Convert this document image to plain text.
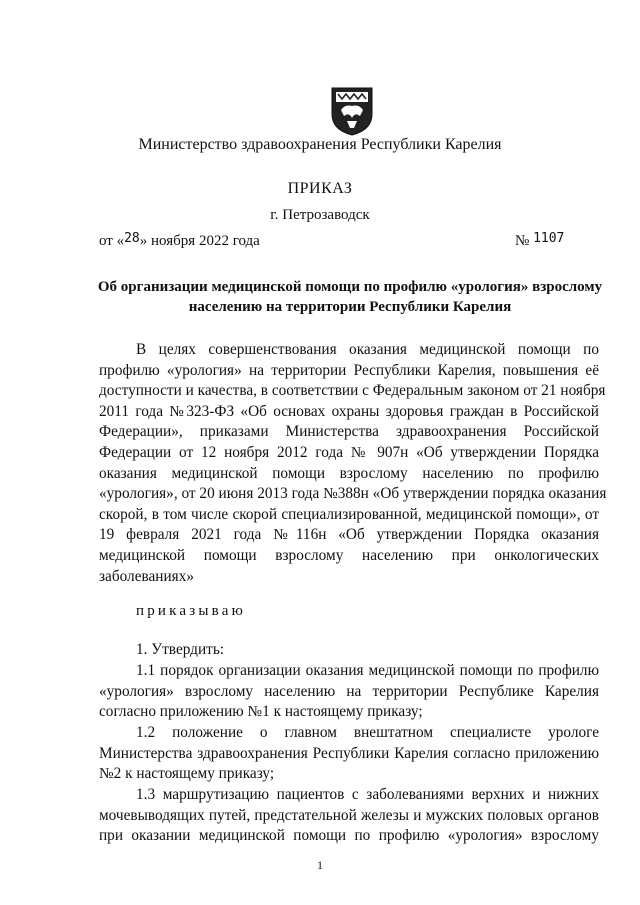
Министерство здравоохранения Республики Карелия
ПРИКАЗ
г. Петрозаводск
от «28» ноября 2022 года	№ 1107
Об организации медицинской помощи по профилю «урология» взрослому
населению на территории Республики Карелия
В целях совершенствования оказания медицинской помощи по
профилю «урология» на территории Республики Карелия, повышения её
доступности и качества, в соответствии с Федеральным законом от 21 ноября
2011 года №323-ФЗ «Об основах охраны здоровья граждан в Российской
Федерации», приказами Министерства здравоохранения Российской
Федерации от 12 ноября 2012 года № 907н «Об утверждении Порядка
оказания медицинской помощи взрослому населению по профилю
«урология», от 20 июня 2013 года №388н «Об утверждении порядка оказания
скорой, в том числе скорой специализированной, медицинской помощи», от
19 февраля 2021 года №116н «Об утверждении Порядка оказания
медицинской помощи взрослому населению при онкологических
заболеваниях»
приказываю
1. Утвердить:
1.1 порядок организации оказания медицинской помощи по профилю
«урология» взрослому населению на территории Республике Карелия
согласно приложению №1 к настоящему приказу;
1.2 положение о главном внештатном специалисте урологе
Министерства здравоохранения Республики Карелия согласно приложению
№2 к настоящему приказу;
1.3 маршрутизацию пациентов с заболеваниями верхних и нижних
мочевыводящих путей, предстательной железы и мужских половых органов
при оказании медицинской помощи по профилю «урология» взрослому
1
